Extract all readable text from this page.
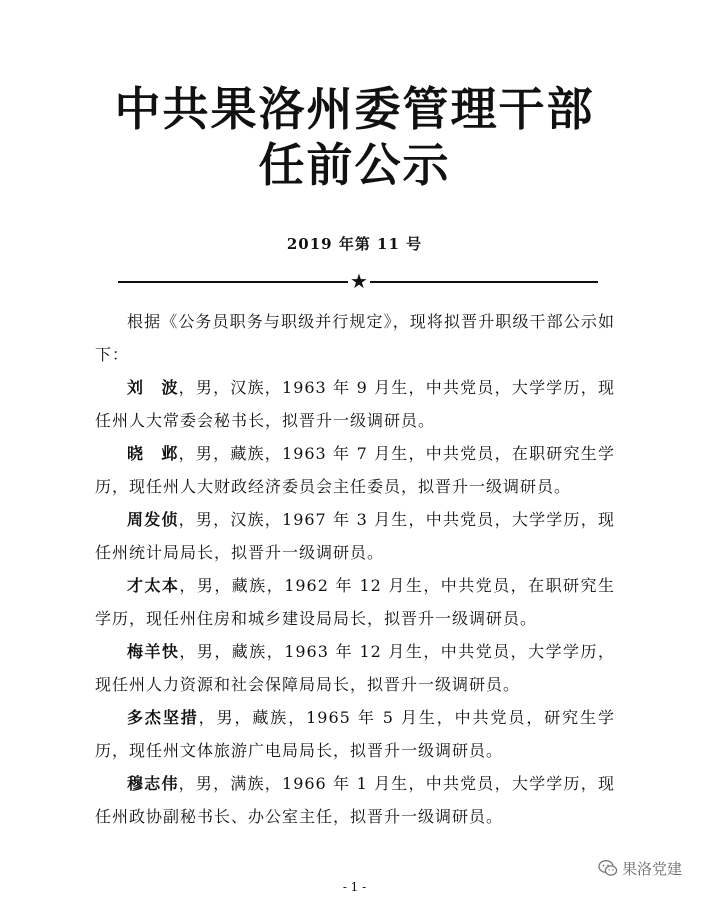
中共果洛州委管理干部
任前公示
2019 年第 11 号
★

根据《公务员职务与职级并行规定》，现将拟晋升职级干部公示如下：

刘　波，男，汉族，1963 年 9 月生，中共党员，大学学历，现任州人大常委会秘书长，拟晋升一级调研员。

晓　邺，男，藏族，1963 年 7 月生，中共党员，在职研究生学历，现任州人大财政经济委员会主任委员，拟晋升一级调研员。

周发侦，男，汉族，1967 年 3 月生，中共党员，大学学历，现任州统计局局长，拟晋升一级调研员。

才太本，男，藏族，1962 年 12 月生，中共党员，在职研究生学历，现任州住房和城乡建设局局长，拟晋升一级调研员。

梅羊快，男，藏族，1963 年 12 月生，中共党员，大学学历，现任州人力资源和社会保障局局长，拟晋升一级调研员。

多杰坚措，男，藏族，1965 年 5 月生，中共党员，研究生学历，现任州文体旅游广电局局长，拟晋升一级调研员。

穆志伟，男，满族，1966 年 1 月生，中共党员，大学学历，现任州政协副秘书长、办公室主任，拟晋升一级调研员。

果洛党建
- 1 -
